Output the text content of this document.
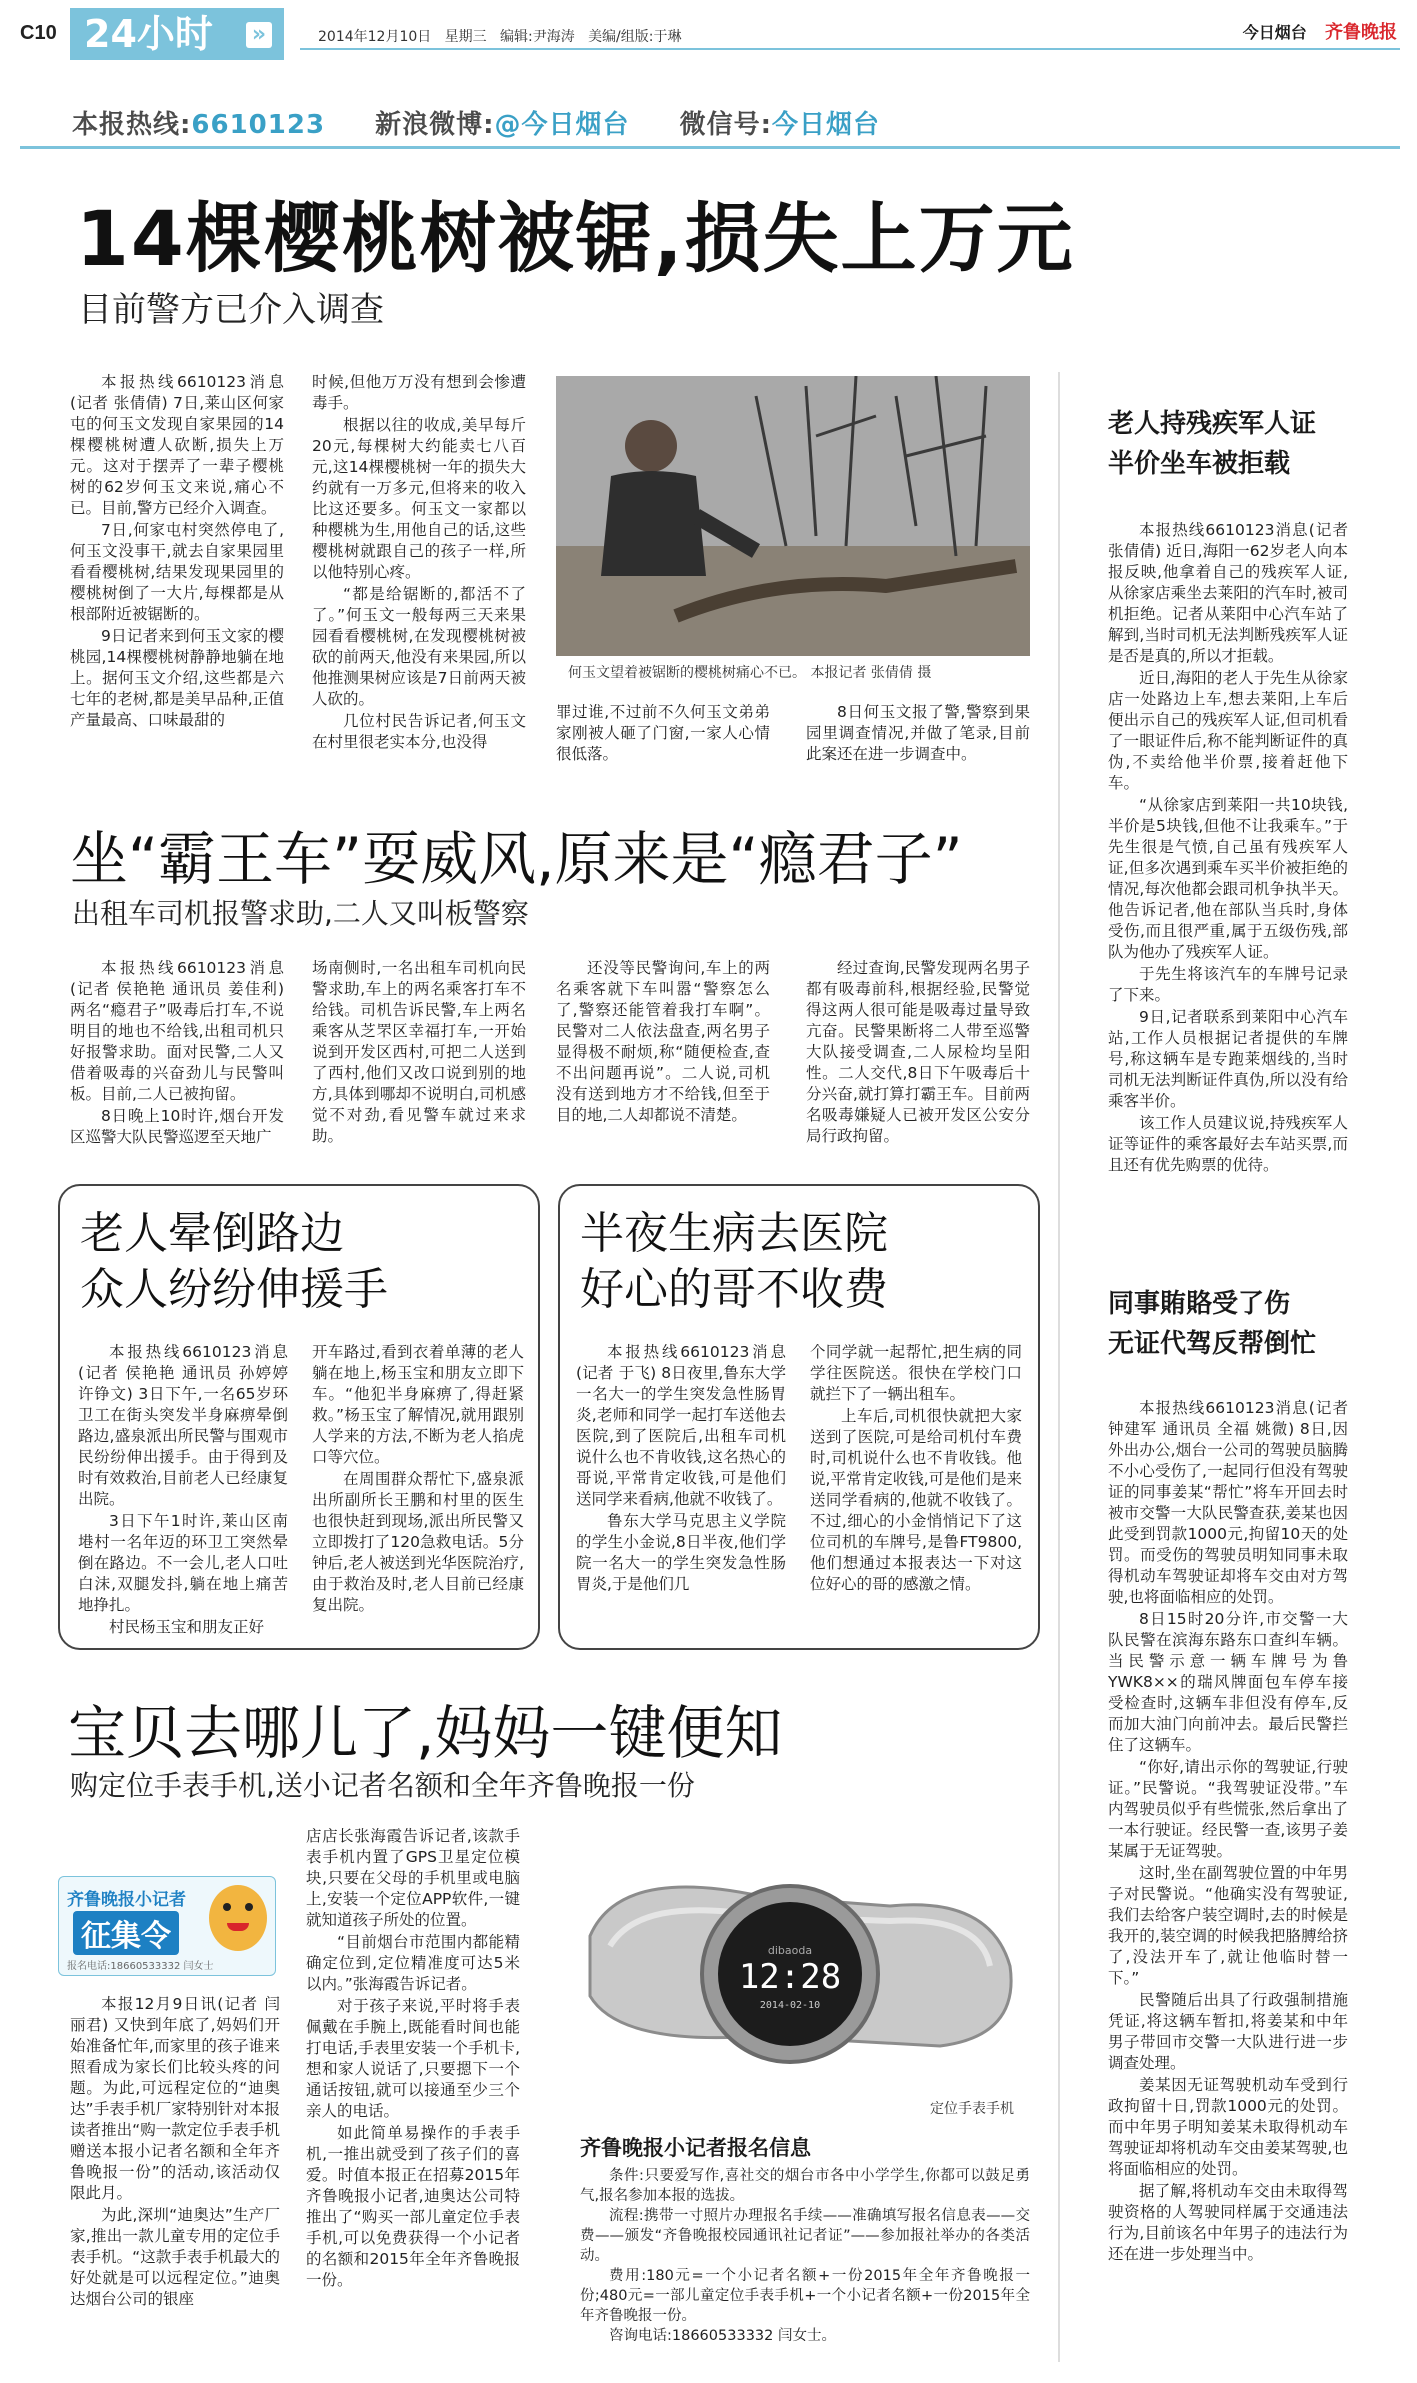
C10 24小时 »	2014年12月10日 星期三 编辑:尹海涛 美编/组版:于琳	今日烟台 齐鲁晚报
本报热线:6610123 新浪微博:@今日烟台 微信号:今日烟台
14棵樱桃树被锯,损失上万元
目前警方已介入调查

本报热线6610123消息(记者 张倩倩) 7日,莱山区何家屯的何玉文发现自家果园的14棵樱桃树遭人砍断,损失上万元。这对于摆弄了一辈子樱桃树的62岁何玉文来说,痛心不已。目前,警方已经介入调查。

7日,何家屯村突然停电了,何玉文没事干,就去自家果园里看看樱桃树,结果发现果园里的樱桃树倒了一大片,每棵都是从根部附近被锯断的。

9日记者来到何玉文家的樱桃园,14棵樱桃树静静地躺在地上。据何玉文介绍,这些都是六七年的老树,都是美早品种,正值产量最高、口味最甜的

时候,但他万万没有想到会惨遭毒手。

根据以往的收成,美早每斤20元,每棵树大约能卖七八百元,这14棵樱桃树一年的损失大约就有一万多元,但将来的收入比这还要多。何玉文一家都以种樱桃为生,用他自己的话,这些樱桃树就跟自己的孩子一样,所以他特别心疼。

“都是给锯断的,都活不了了。”何玉文一般每两三天来果园看看樱桃树,在发现樱桃树被砍的前两天,他没有来果园,所以他推测果树应该是7日前两天被人砍的。

几位村民告诉记者,何玉文在村里很老实本分,也没得

何玉文望着被锯断的樱桃树痛心不已。 本报记者 张倩倩 摄

罪过谁,不过前不久何玉文弟弟家刚被人砸了门窗,一家人心情很低落。

8日何玉文报了警,警察到果园里调查情况,并做了笔录,目前此案还在进一步调查中。

坐“霸王车”耍威风,原来是“瘾君子”
出租车司机报警求助,二人又叫板警察

本报热线6610123消息(记者 侯艳艳 通讯员 姜佳利) 两名“瘾君子”吸毒后打车,不说明目的地也不给钱,出租司机只好报警求助。面对民警,二人又借着吸毒的兴奋劲儿与民警叫板。目前,二人已被拘留。

8日晚上10时许,烟台开发区巡警大队民警巡逻至天地广

场南侧时,一名出租车司机向民警求助,车上的两名乘客打车不给钱。司机告诉民警,车上两名乘客从芝罘区幸福打车,一开始说到开发区西村,可把二人送到了西村,他们又改口说到别的地方,具体到哪却不说明白,司机感觉不对劲,看见警车就过来求助。

还没等民警询问,车上的两名乘客就下车叫嚣“警察怎么了,警察还能管着我打车啊”。民警对二人依法盘查,两名男子显得极不耐烦,称“随便检查,查不出问题再说”。二人说,司机没有送到地方才不给钱,但至于目的地,二人却都说不清楚。

经过查询,民警发现两名男子都有吸毒前科,根据经验,民警觉得这两人很可能是吸毒过量导致亢奋。民警果断将二人带至巡警大队接受调查,二人尿检均呈阳性。二人交代,8日下午吸毒后十分兴奋,就打算打霸王车。目前两名吸毒嫌疑人已被开发区公安分局行政拘留。

老人晕倒路边
众人纷纷伸援手

本报热线6610123消息(记者 侯艳艳 通讯员 孙婷婷 许铮文) 3日下午,一名65岁环卫工在街头突发半身麻痹晕倒路边,盛泉派出所民警与围观市民纷纷伸出援手。由于得到及时有效救治,目前老人已经康复出院。

3日下午1时许,莱山区南塂村一名年迈的环卫工突然晕倒在路边。不一会儿,老人口吐白沫,双腿发抖,躺在地上痛苦地挣扎。

村民杨玉宝和朋友正好

开车路过,看到衣着单薄的老人躺在地上,杨玉宝和朋友立即下车。“他犯半身麻痹了,得赶紧救。”杨玉宝了解情况,就用跟别人学来的方法,不断为老人掐虎口等穴位。

在周围群众帮忙下,盛泉派出所副所长王鹏和村里的医生也很快赶到现场,派出所民警又立即拨打了120急救电话。5分钟后,老人被送到光华医院治疗,由于救治及时,老人目前已经康复出院。

半夜生病去医院
好心的哥不收费

本报热线6610123消息(记者 于飞) 8日夜里,鲁东大学一名大一的学生突发急性肠胃炎,老师和同学一起打车送他去医院,到了医院后,出租车司机说什么也不肯收钱,这名热心的哥说,平常肯定收钱,可是他们送同学来看病,他就不收钱了。

鲁东大学马克思主义学院的学生小金说,8日半夜,他们学院一名大一的学生突发急性肠胃炎,于是他们几

个同学就一起帮忙,把生病的同学往医院送。很快在学校门口就拦下了一辆出租车。

上车后,司机很快就把大家送到了医院,可是给司机付车费时,司机说什么也不肯收钱。他说,平常肯定收钱,可是他们是来送同学看病的,他就不收钱了。不过,细心的小金悄悄记下了这位司机的车牌号,是鲁FT9800,他们想通过本报表达一下对这位好心的哥的感激之情。

宝贝去哪儿了,妈妈一键便知
购定位手表手机,送小记者名额和全年齐鲁晚报一份
齐鲁晚报小记者
征集令
报名电话:18660533332 闫女士

本报12月9日讯(记者 闫丽君) 又快到年底了,妈妈们开始准备忙年,而家里的孩子谁来照看成为家长们比较头疼的问题。为此,可远程定位的“迪奥达”手表手机厂家特别针对本报读者推出“购一款定位手表手机赠送本报小记者名额和全年齐鲁晚报一份”的活动,该活动仅限此月。

为此,深圳“迪奥达”生产厂家,推出一款儿童专用的定位手表手机。“这款手表手机最大的好处就是可以远程定位。”迪奥达烟台公司的银座

店店长张海霞告诉记者,该款手表手机内置了GPS卫星定位模块,只要在父母的手机里或电脑上,安装一个定位APP软件,一键就知道孩子所处的位置。

“目前烟台市范围内都能精确定位到,定位精准度可达5米以内。”张海霞告诉记者。

对于孩子来说,平时将手表佩戴在手腕上,既能看时间也能打电话,手表里安装一个手机卡,想和家人说话了,只要摁下一个通话按钮,就可以接通至少三个亲人的电话。

如此简单易操作的手表手机,一推出就受到了孩子们的喜爱。时值本报正在招募2015年齐鲁晚报小记者,迪奥达公司特推出了“购买一部儿童定位手表手机,可以免费获得一个小记者的名额和2015年全年齐鲁晚报一份。

dibaoda
12:28
2014-02-10
定位手表手机
齐鲁晚报小记者报名信息

条件:只要爱写作,喜社交的烟台市各中小学学生,你都可以鼓足勇气,报名参加本报的选拔。

流程:携带一寸照片办理报名手续——准确填写报名信息表——交费——颁发“齐鲁晚报校园通讯社记者证”——参加报社举办的各类活动。

费用:180元=一个小记者名额+一份2015年全年齐鲁晚报一份;480元=一部儿童定位手表手机+一个小记者名额+一份2015年全年齐鲁晚报一份。

咨询电话:18660533332 闫女士。

老人持残疾军人证
半价坐车被拒载

本报热线6610123消息(记者 张倩倩) 近日,海阳一62岁老人向本报反映,他拿着自己的残疾军人证,从徐家店乘坐去莱阳的汽车时,被司机拒绝。记者从莱阳中心汽车站了解到,当时司机无法判断残疾军人证是否是真的,所以才拒载。

近日,海阳的老人于先生从徐家店一处路边上车,想去莱阳,上车后便出示自己的残疾军人证,但司机看了一眼证件后,称不能判断证件的真伪,不卖给他半价票,接着赶他下车。

“从徐家店到莱阳一共10块钱,半价是5块钱,但他不让我乘车。”于先生很是气愤,自己虽有残疾军人证,但多次遇到乘车买半价被拒绝的情况,每次他都会跟司机争执半天。他告诉记者,他在部队当兵时,身体受伤,而且很严重,属于五级伤残,部队为他办了残疾军人证。

于先生将该汽车的车牌号记录了下来。

9日,记者联系到莱阳中心汽车站,工作人员根据记者提供的车牌号,称这辆车是专跑莱烟线的,当时司机无法判断证件真伪,所以没有给乘客半价。

该工作人员建议说,持残疾军人证等证件的乘客最好去车站买票,而且还有优先购票的优待。

同事賄賂受了伤
无证代驾反帮倒忙

本报热线6610123消息(记者 钟建军 通讯员 全福 姚微) 8日,因外出办公,烟台一公司的驾驶员脑腾不小心受伤了,一起同行但没有驾驶证的同事姜某“帮忙”将车开回去时被市交警一大队民警查获,姜某也因此受到罚款1000元,拘留10天的处罚。而受伤的驾驶员明知同事未取得机动车驾驶证却将车交由对方驾驶,也将面临相应的处罚。

8日15时20分许,市交警一大队民警在滨海东路东口查纠车辆。当民警示意一辆车牌号为鲁YWK8××的瑞风牌面包车停车接受检查时,这辆车非但没有停车,反而加大油门向前冲去。最后民警拦住了这辆车。

“你好,请出示你的驾驶证,行驶证。”民警说。“我驾驶证没带。”车内驾驶员似乎有些慌张,然后拿出了一本行驶证。经民警一查,该男子姜某属于无证驾驶。

这时,坐在副驾驶位置的中年男子对民警说。“他确实没有驾驶证,我们去给客户装空调时,去的时候是我开的,装空调的时候我把胳膊给挤了,没法开车了,就让他临时替一下。”

民警随后出具了行政强制措施凭证,将这辆车暂扣,将姜某和中年男子带回市交警一大队进行进一步调查处理。

姜某因无证驾驶机动车受到行政拘留十日,罚款1000元的处罚。而中年男子明知姜某未取得机动车驾驶证却将机动车交由姜某驾驶,也将面临相应的处罚。

据了解,将机动车交由未取得驾驶资格的人驾驶同样属于交通违法行为,目前该名中年男子的违法行为还在进一步处理当中。
